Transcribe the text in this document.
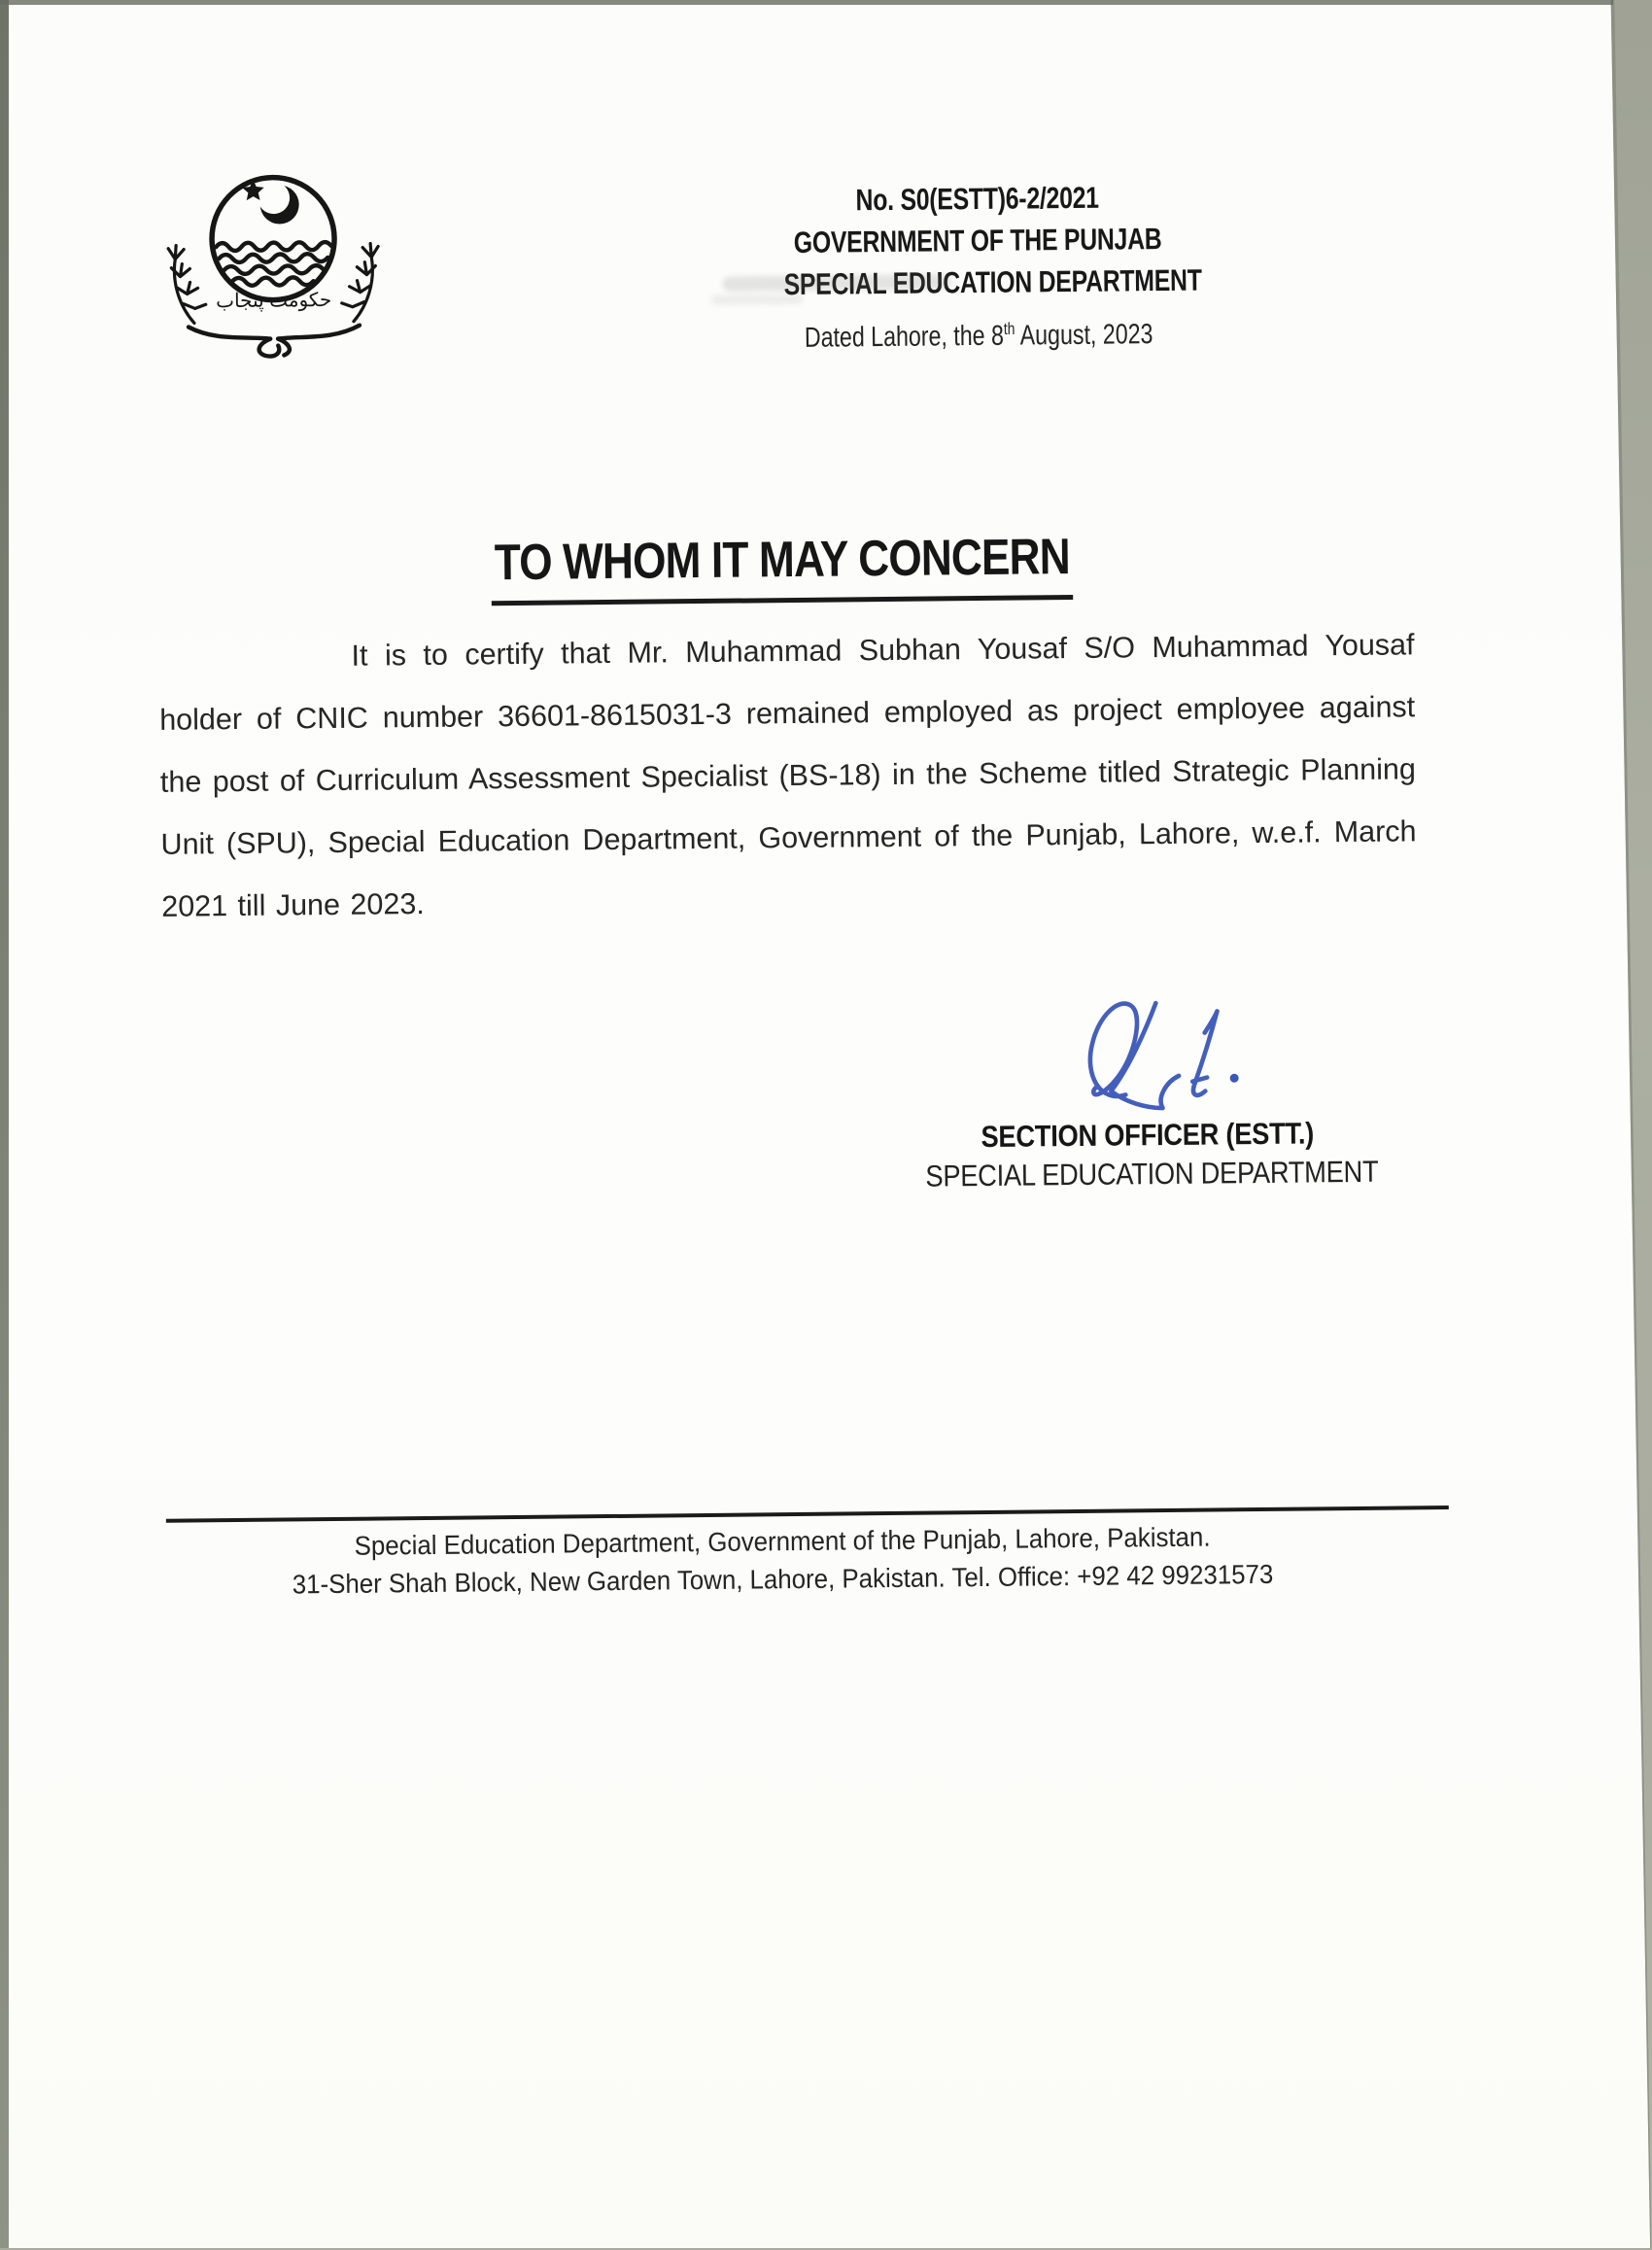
حکومت پنجاب
No. S0(ESTT)6-2/2021
GOVERNMENT OF THE PUNJAB
SPECIAL EDUCATION DEPARTMENT
Dated Lahore, the 8th August, 2023
TO WHOM IT MAY CONCERN
It is to certify that Mr. Muhammad Subhan Yousaf S/O Muhammad Yousaf holder of CNIC number 36601-8615031-3 remained employed as project employee against the post of Curriculum Assessment Specialist (BS-18) in the Scheme titled Strategic Planning Unit (SPU), Special Education Department, Government of the Punjab, Lahore, w.e.f. March 2021 till June 2023.
SECTION OFFICER (ESTT.)
SPECIAL EDUCATION DEPARTMENT
Special Education Department, Government of the Punjab, Lahore, Pakistan.
31-Sher Shah Block, New Garden Town, Lahore, Pakistan. Tel. Office: +92 42 99231573
